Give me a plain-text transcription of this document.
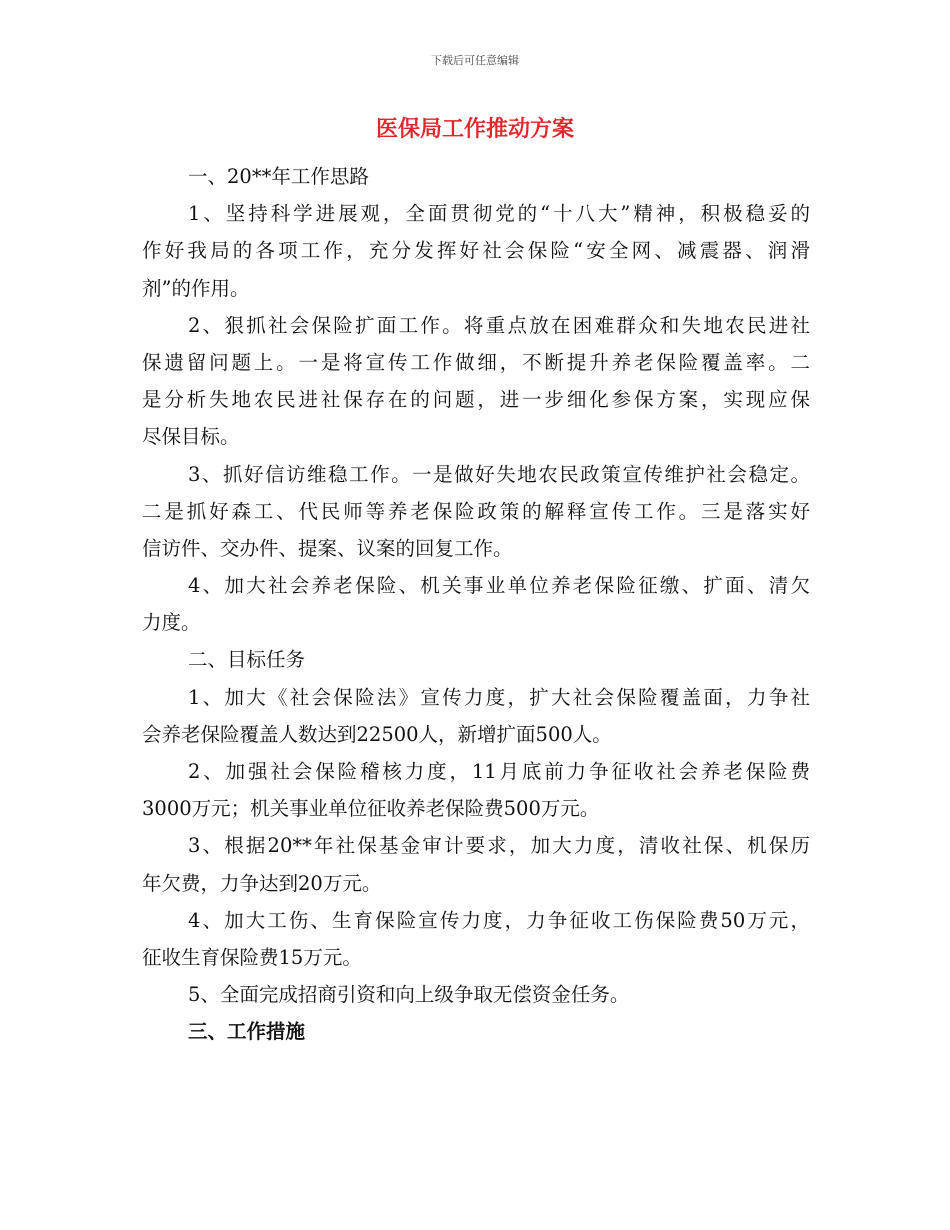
下载后可任意编辑
医保局工作推动方案
一、20**年工作思路
1、坚持科学进展观，全面贯彻党的“十八大”精神，积极稳妥的
作好我局的各项工作，充分发挥好社会保险“安全网、减震器、润滑
剂”的作用。
2、狠抓社会保险扩面工作。将重点放在困难群众和失地农民进社
保遗留问题上。一是将宣传工作做细，不断提升养老保险覆盖率。二
是分析失地农民进社保存在的问题，进一步细化参保方案，实现应保
尽保目标。
3、抓好信访维稳工作。一是做好失地农民政策宣传维护社会稳定。
二是抓好森工、代民师等养老保险政策的解释宣传工作。三是落实好
信访件、交办件、提案、议案的回复工作。
4、加大社会养老保险、机关事业单位养老保险征缴、扩面、清欠
力度。
二、目标任务
1、加大《社会保险法》宣传力度，扩大社会保险覆盖面，力争社
会养老保险覆盖人数达到22500人，新增扩面500人。
2、加强社会保险稽核力度，11月底前力争征收社会养老保险费
3000万元；机关事业单位征收养老保险费500万元。
3、根据20**年社保基金审计要求，加大力度，清收社保、机保历
年欠费，力争达到20万元。
4、加大工伤、生育保险宣传力度，力争征收工伤保险费50万元，
征收生育保险费15万元。
5、全面完成招商引资和向上级争取无偿资金任务。
三、工作措施
